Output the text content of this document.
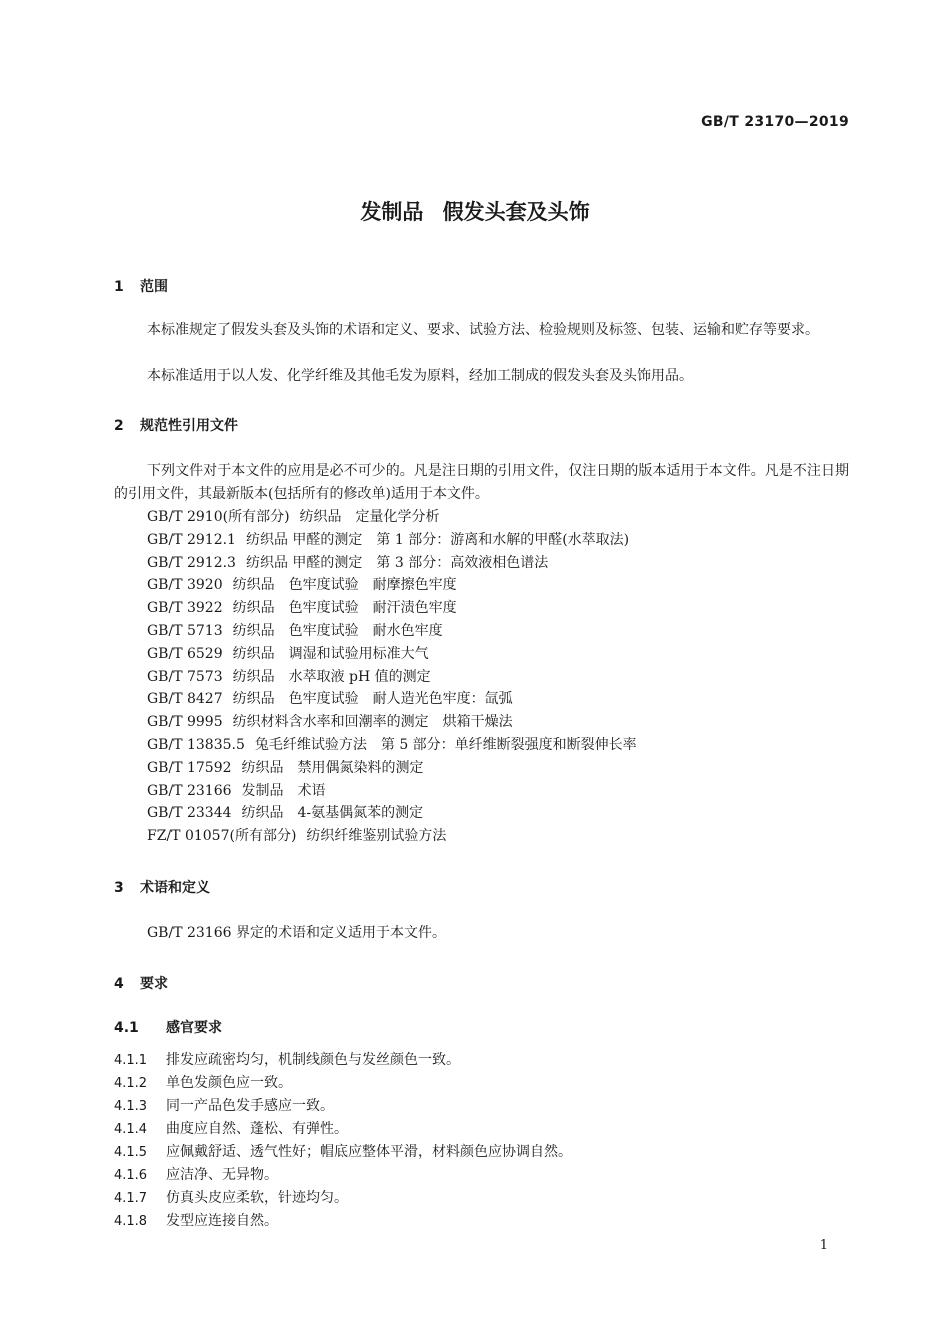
GB/T 23170—2019

发制品 假发头套及头饰
1 范围

本标准规定了假发头套及头饰的术语和定义、要求、试验方法、检验规则及标签、包装、运输和贮存等要求。

本标准适用于以人发、化学纤维及其他毛发为原料，经加工制成的假发头套及头饰用品。

2 规范性引用文件

下列文件对于本文件的应用是必不可少的。凡是注日期的引用文件，仅注日期的版本适用于本文件。凡是不注日期的引用文件，其最新版本(包括所有的修改单)适用于本文件。

GB/T 2910(所有部分) 纺织品　定量化学分析
GB/T 2912.1 纺织品 甲醛的测定　第 1 部分：游离和水解的甲醛(水萃取法)
GB/T 2912.3 纺织品 甲醛的测定　第 3 部分：高效液相色谱法
GB/T 3920 纺织品　色牢度试验　耐摩擦色牢度
GB/T 3922 纺织品　色牢度试验　耐汗渍色牢度
GB/T 5713 纺织品　色牢度试验　耐水色牢度
GB/T 6529 纺织品　调湿和试验用标准大气
GB/T 7573 纺织品　水萃取液 pH 值的测定
GB/T 8427 纺织品　色牢度试验　耐人造光色牢度：氙弧
GB/T 9995 纺织材料含水率和回潮率的测定　烘箱干燥法
GB/T 13835.5 兔毛纤维试验方法　第 5 部分：单纤维断裂强度和断裂伸长率
GB/T 17592 纺织品　禁用偶氮染料的测定
GB/T 23166 发制品　术语
GB/T 23344 纺织品　4-氨基偶氮苯的测定
FZ/T 01057(所有部分) 纺织纤维鉴别试验方法
3 术语和定义

GB/T 23166 界定的术语和定义适用于本文件。

4 要求
4.1 感官要求
4.1.1 排发应疏密均匀，机制线颜色与发丝颜色一致。
4.1.2 单色发颜色应一致。
4.1.3 同一产品色发手感应一致。
4.1.4 曲度应自然、蓬松、有弹性。
4.1.5 应佩戴舒适、透气性好；帽底应整体平滑，材料颜色应协调自然。
4.1.6 应洁净、无异物。
4.1.7 仿真头皮应柔软，针迹均匀。
4.1.8 发型应连接自然。

1
